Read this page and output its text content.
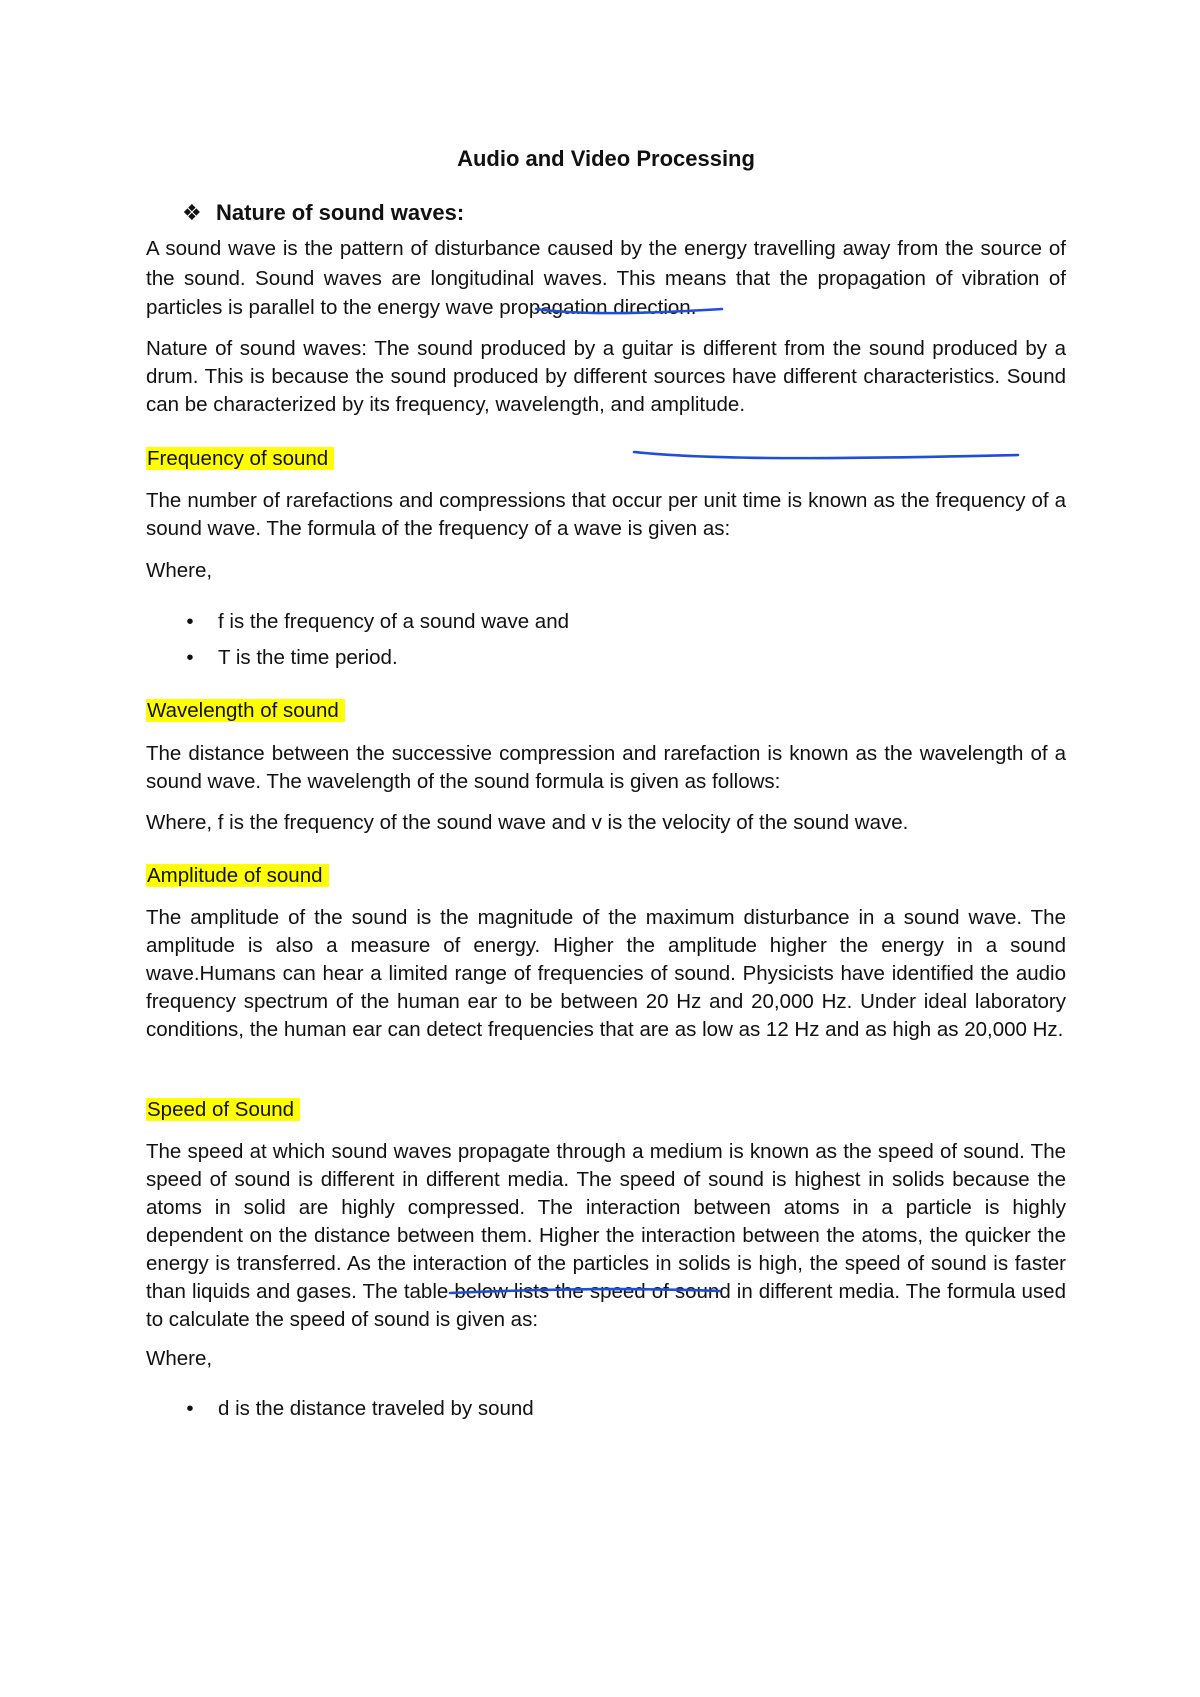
Audio and Video Processing
❖ Nature of sound waves:

A sound wave is the pattern of disturbance caused by the energy travelling away from the source of the sound. Sound waves are longitudinal waves. This means that the propagation of vibration of particles is parallel to the energy wave propagation direction.

Nature of sound waves: The sound produced by a guitar is different from the sound produced by a drum. This is because the sound produced by different sources have different characteristics. Sound can be characterized by its frequency, wavelength, and amplitude.

Frequency of sound

The number of rarefactions and compressions that occur per unit time is known as the frequency of a sound wave. The formula of the frequency of a wave is given as:

Where,

• f is the frequency of a sound wave and
• T is the time period.
Wavelength of sound

The distance between the successive compression and rarefaction is known as the wavelength of a sound wave. The wavelength of the sound formula is given as follows:

Where, f is the frequency of the sound wave and v is the velocity of the sound wave.

Amplitude of sound

The amplitude of the sound is the magnitude of the maximum disturbance in a sound wave. The amplitude is also a measure of energy. Higher the amplitude higher the energy in a sound wave.Humans can hear a limited range of frequencies of sound. Physicists have identified the audio frequency spectrum of the human ear to be between 20 Hz and 20,000 Hz. Under ideal laboratory conditions, the human ear can detect frequencies that are as low as 12 Hz and as high as 20,000 Hz.

Speed of Sound

The speed at which sound waves propagate through a medium is known as the speed of sound. The speed of sound is different in different media. The speed of sound is highest in solids because the atoms in solid are highly compressed. The interaction between atoms in a particle is highly dependent on the distance between them. Higher the interaction between the atoms, the quicker the energy is transferred. As the interaction of the particles in solids is high, the speed of sound is faster than liquids and gases. The table below lists the speed of sound in different media. The formula used to calculate the speed of sound is given as:

Where,

• d is the distance traveled by sound
